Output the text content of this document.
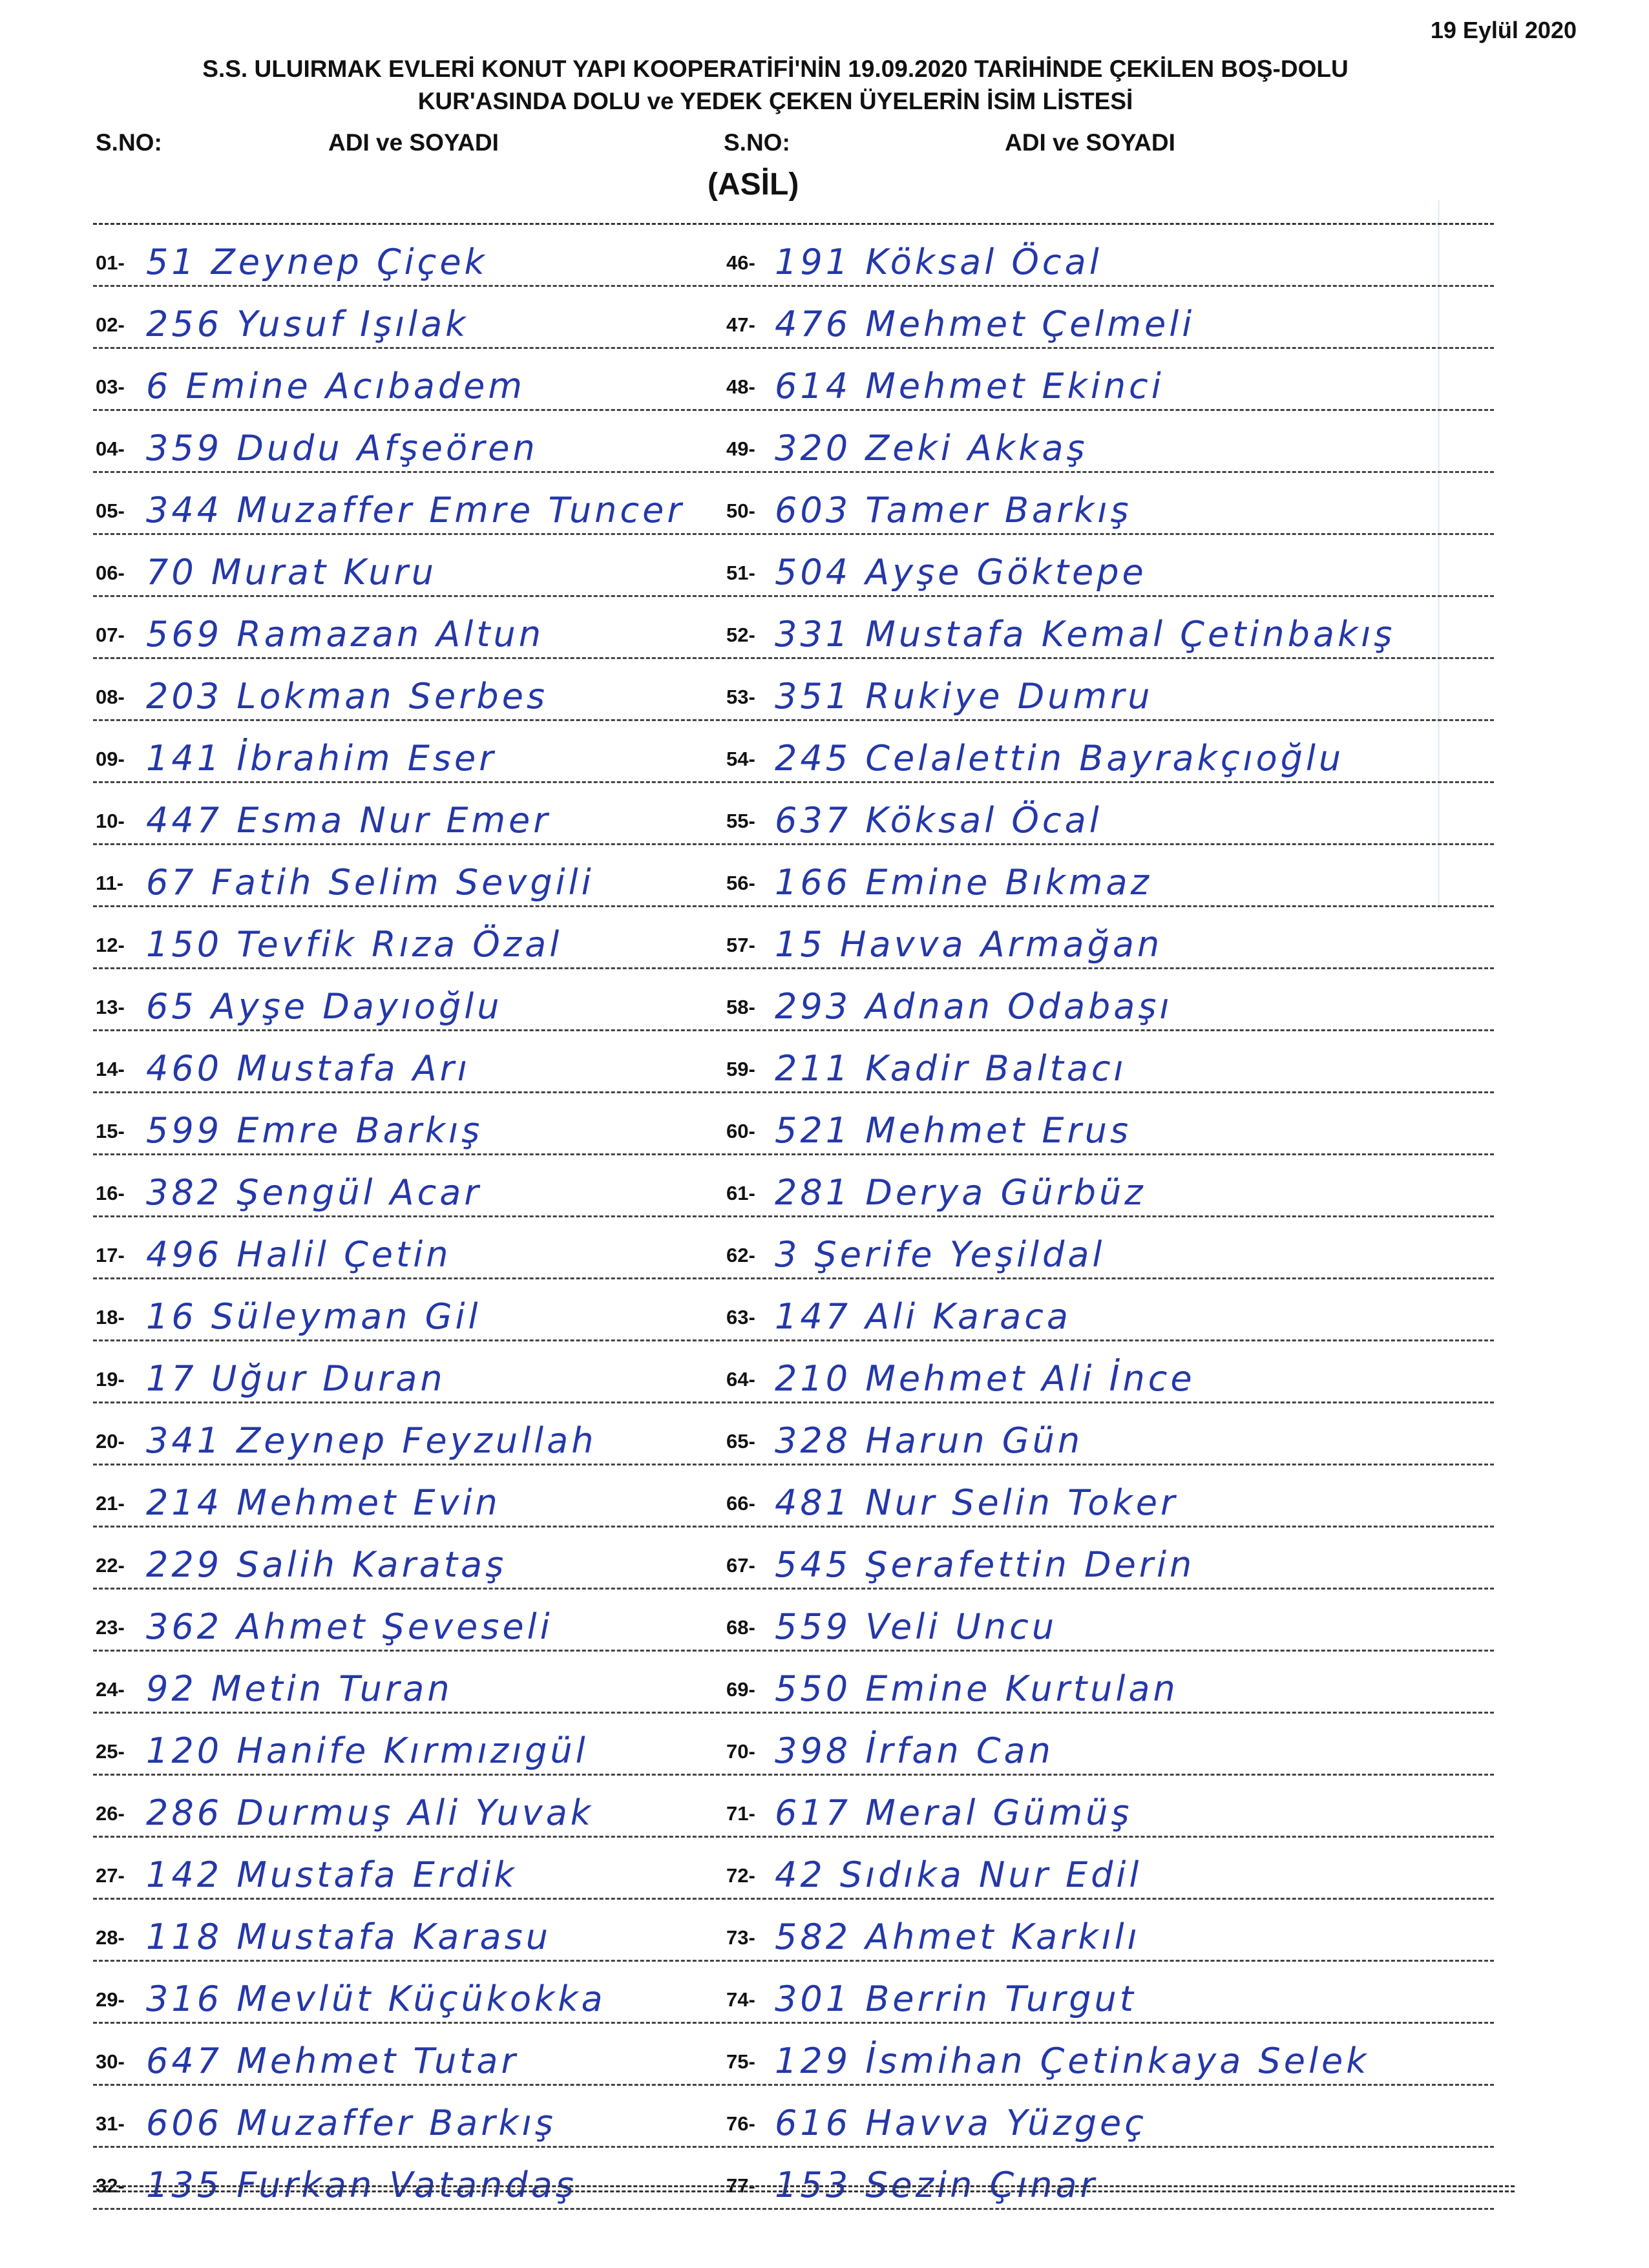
19 Eylül 2020
S.S. ULUIRMAK EVLERİ KONUT YAPI KOOPERATİFİ'NİN 19.09.2020 TARİHİNDE ÇEKİLEN BOŞ-DOLU
KUR'ASINDA DOLU ve YEDEK ÇEKEN ÜYELERİN İSİM LİSTESİ
S.NO:	ADI ve SOYADI	S.NO:	ADI ve SOYADI
(ASİL)
01- 51 Zeynep Çiçek	46- 191 Köksal Öcal
02- 256 Yusuf Işılak	47- 476 Mehmet Çelmeli
03- 6 Emine Acıbadem	48- 614 Mehmet Ekinci
04- 359 Dudu Afşeören	49- 320 Zeki Akkaş
05- 344 Muzaffer Emre Tuncer 50- 603 Tamer Barkış
06- 70 Murat Kuru	51- 504 Ayşe Göktepe
07- 569 Ramazan Altun	52- 331 Mustafa Kemal Çetinbakış
08- 203 Lokman Serbes	53- 351 Rukiye Dumru
09- 141 İbrahim Eser	54- 245 Celalettin Bayrakçıoğlu
10- 447 Esma Nur Emer	55- 637 Köksal Öcal
11- 67 Fatih Selim Sevgili	56- 166 Emine Bıkmaz
12- 150 Tevfik Rıza Özal	57- 15 Havva Armağan
13- 65 Ayşe Dayıoğlu	58- 293 Adnan Odabaşı
14- 460 Mustafa Arı	59- 211 Kadir Baltacı
15- 599 Emre Barkış	60- 521 Mehmet Erus
16- 382 Şengül Acar	61- 281 Derya Gürbüz
17- 496 Halil Çetin	62- 3 Şerife Yeşildal
18- 16 Süleyman Gil	63- 147 Ali Karaca
19- 17 Uğur Duran	64- 210 Mehmet Ali İnce
20- 341 Zeynep Feyzullah	65- 328 Harun Gün
21- 214 Mehmet Evin	66- 481 Nur Selin Toker
22- 229 Salih Karataş	67- 545 Şerafettin Derin
23- 362 Ahmet Şeveseli	68- 559 Veli Uncu
24- 92 Metin Turan	69- 550 Emine Kurtulan
25- 120 Hanife Kırmızıgül	70- 398 İrfan Can
26- 286 Durmuş Ali Yuvak	71- 617 Meral Gümüş
27- 142 Mustafa Erdik	72- 42 Sıdıka Nur Edil
28- 118 Mustafa Karasu	73- 582 Ahmet Karkılı
29- 316 Mevlüt Küçükokka	74- 301 Berrin Turgut
30- 647 Mehmet Tutar	75- 129 İsmihan Çetinkaya Selek
31- 606 Muzaffer Barkış	76- 616 Havva Yüzgeç
32- 135 Furkan Vatandaş	77- 153 Sezin Çınar
